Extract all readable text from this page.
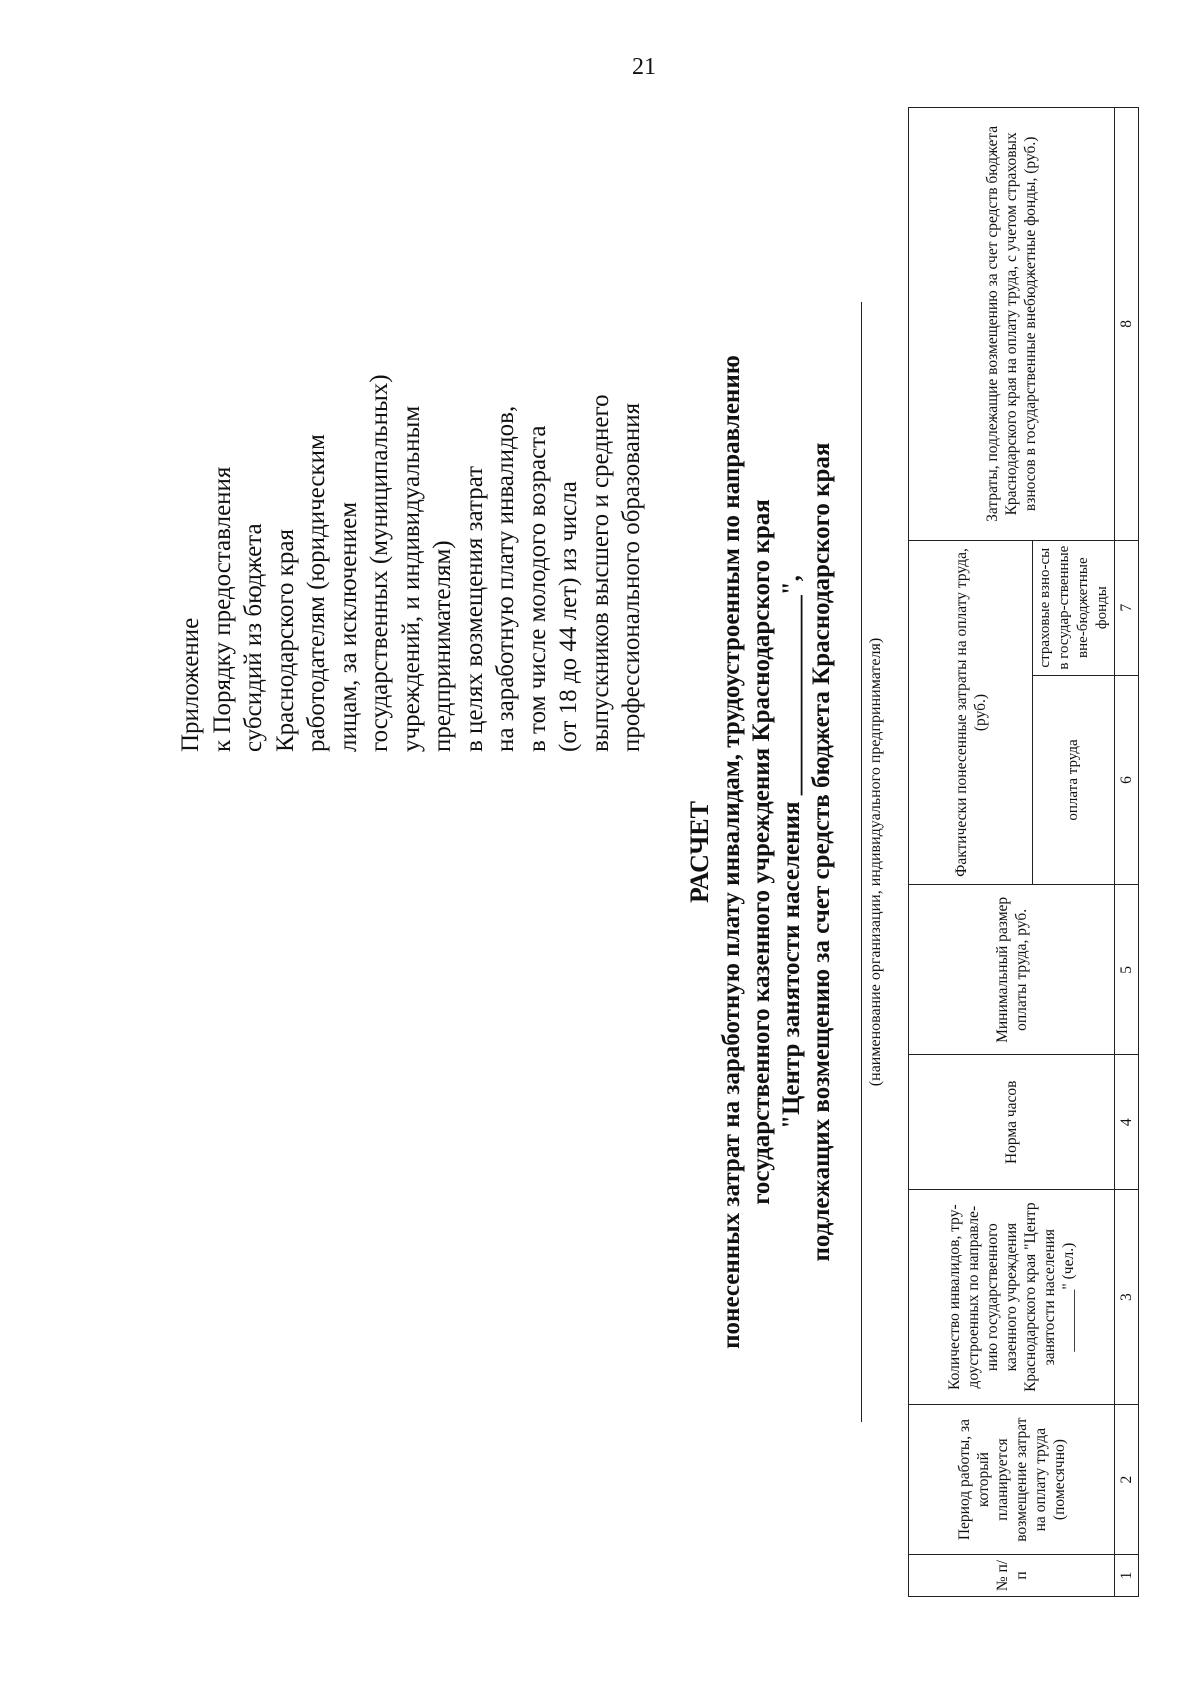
21
Приложение к Порядку предоставления субсидий из бюджета Краснодарского края работодателям (юридическим лицам, за исключением государственных (муниципальных) учреждений, и индивидуальным предпринимателям) в целях возмещения затрат на заработную плату инвалидов, в том числе молодого возраста (от 18 до 44 лет) из числа выпускников высшего и среднего профессионального образования
РАСЧЕТ понесенных затрат на заработную плату инвалидам, трудоустроенным по направлению государственного казенного учреждения Краснодарского края "Центр занятости населения ________________", подлежащих возмещению за счет средств бюджета Краснодарского края (наименование организации, индивидуального предпринимателя)
№ п/п	Период работы, за который планируется возмещение затрат на оплату труда (помесячно)	Количество инвалидов, тру-доустроенных по направле-нию государственного казенного учреждения Краснодарского края "Центр занятости населения ________" (чел.)	Норма часов	Минимальный размер оплаты труда, руб.	Фактически понесенные затраты на оплату труда, (руб.)		Затраты, подлежащие возмещению за счет средств бюджета Краснодарского края на оплату труда, с учетом страховых взносов в государственные внебюджетные фонды, (руб.)
					оплата труда	страховые взно-сы в государ-ственные вне-бюджетные фонды	
1	2	3	4	5	6	7	8
